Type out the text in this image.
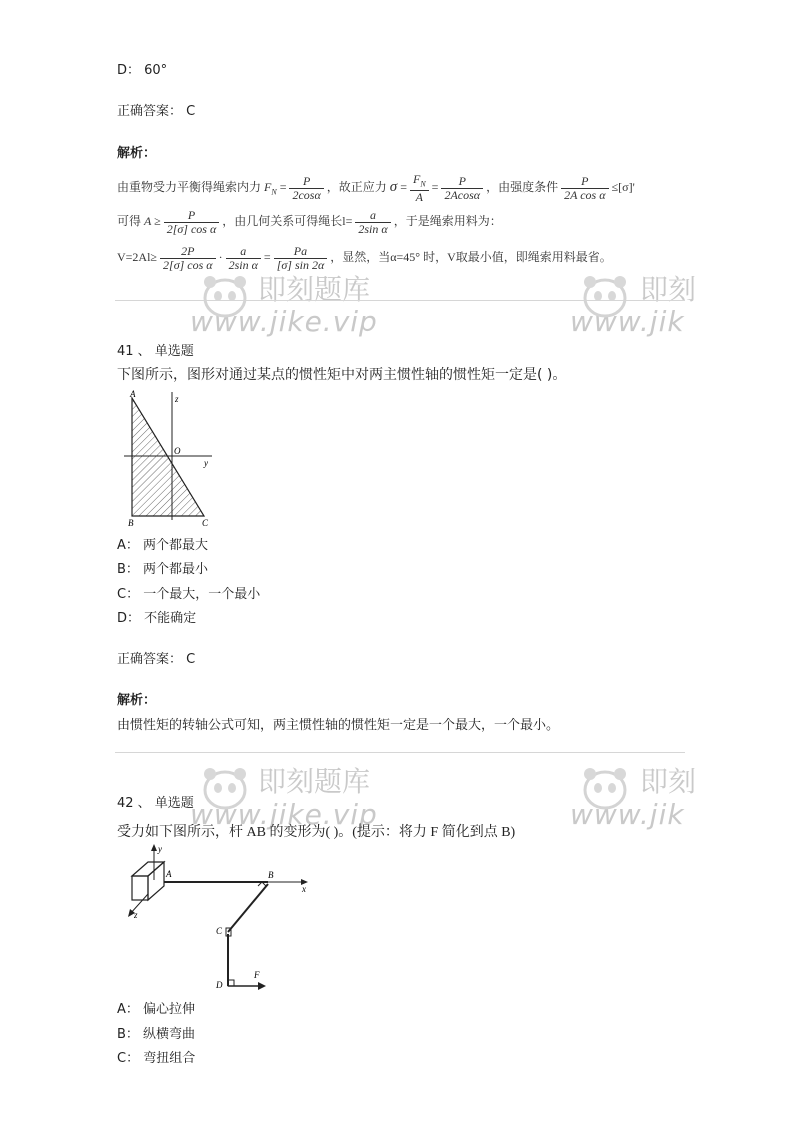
即刻题库
www.jike.vip
即刻
www.jik
即刻题库
www.jike.vip
即刻
www.jik
D： 60°
正确答案： C
解析：
由重物受力平衡得绳索内力 $F_N = \frac{P}{2\cos\alpha}$ ，故正应力 $\sigma = \frac{F_N}{A} = \frac{P}{2Acos\alpha}$ ，由强度条件 $\frac{P}{\text{2A cos α}} \le[\sigma]'$
可得 $A \ge \frac{P}{\text{2[σ] cos α}}$ ，由几何关系可得绳长$l= \frac{a}{\text{2sin α}}$ ，于是绳索用料为：
$V=2Al\ge \frac{2P}{\text{2[σ] cos α}} \cdot \frac{a}{\text{2sin α}} = \frac{Pa}{[\sigma] \sin 2\alpha}$ ，显然，当α=45° 时，V取最小值，即绳索用料最省。
41 、 单选题
下图所示，图形对通过某点的惯性矩中对两主惯性轴的惯性矩一定是( )。
A	z
O
y
B	C
A： 两个都最大
B： 两个都最小
C： 一个最大，一个最小
D： 不能确定
正确答案： C
解析：
由惯性矩的转轴公式可知，两主惯性轴的惯性矩一定是一个最大，一个最小。
42 、 单选题
受力如下图所示，杆 AB 的变形为( )。(提示：将力 F 简化到点 B)
y
z
A	B
x
C
D
F
A： 偏心拉伸
B： 纵横弯曲
C： 弯扭组合
